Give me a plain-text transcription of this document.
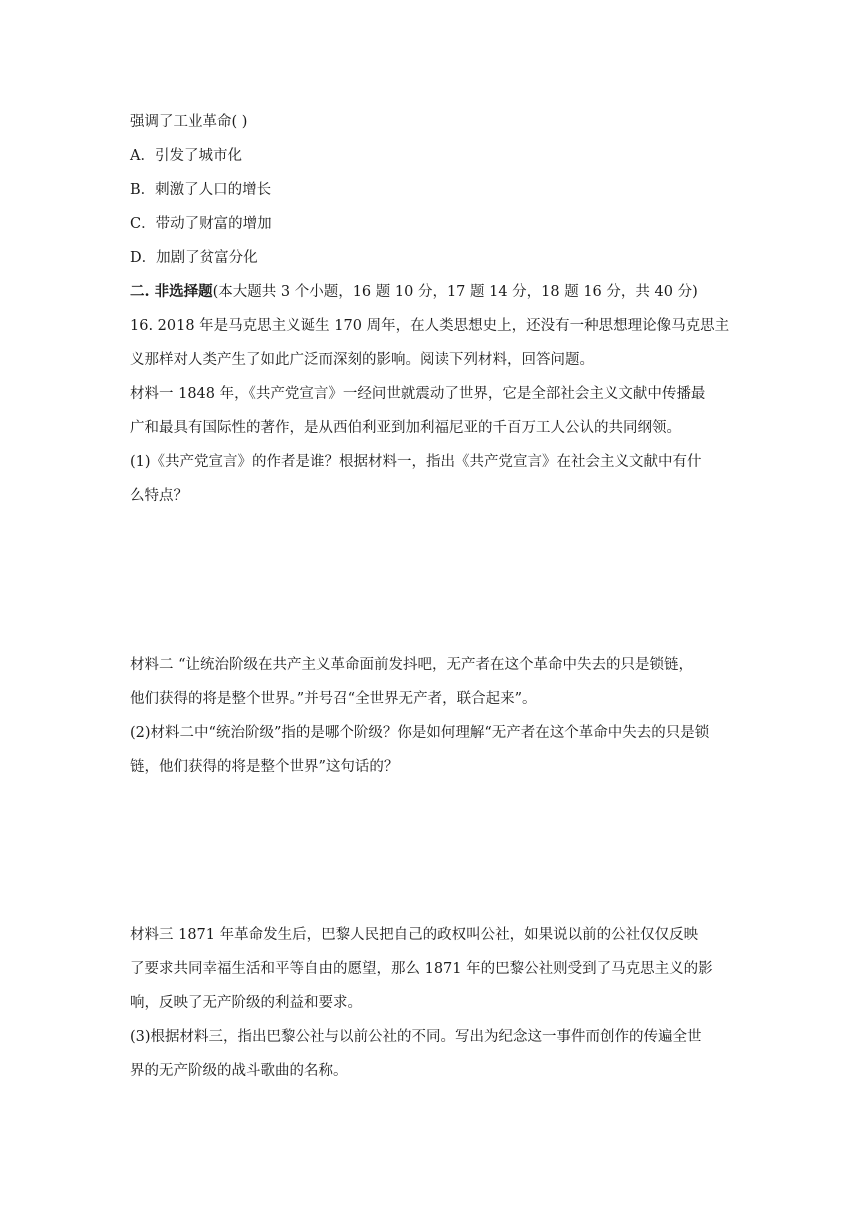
强调了工业革命( )
A．引发了城市化
B．刺激了人口的增长
C．带动了财富的增加
D．加剧了贫富分化
二. 非选择题(本大题共 3 个小题，16 题 10 分，17 题 14 分，18 题 16 分，共 40 分)
16. 2018 年是马克思主义诞生 170 周年，在人类思想史上，还没有一种思想理论像马克思主
义那样对人类产生了如此广泛而深刻的影响。阅读下列材料，回答问题。
材料一 1848 年，《共产党宣言》一经问世就震动了世界，它是全部社会主义文献中传播最
广和最具有国际性的著作，是从西伯利亚到加利福尼亚的千百万工人公认的共同纲领。
(1)《共产党宣言》的作者是谁？根据材料一，指出《共产党宣言》在社会主义文献中有什
么特点？
材料二 “让统治阶级在共产主义革命面前发抖吧，无产者在这个革命中失去的只是锁链，
他们获得的将是整个世界。”并号召“全世界无产者，联合起来”。
(2)材料二中“统治阶级”指的是哪个阶级？你是如何理解“无产者在这个革命中失去的只是锁
链，他们获得的将是整个世界”这句话的？
材料三 1871 年革命发生后，巴黎人民把自己的政权叫公社，如果说以前的公社仅仅反映
了要求共同幸福生活和平等自由的愿望，那么 1871 年的巴黎公社则受到了马克思主义的影
响，反映了无产阶级的利益和要求。
(3)根据材料三，指出巴黎公社与以前公社的不同。写出为纪念这一事件而创作的传遍全世
界的无产阶级的战斗歌曲的名称。
